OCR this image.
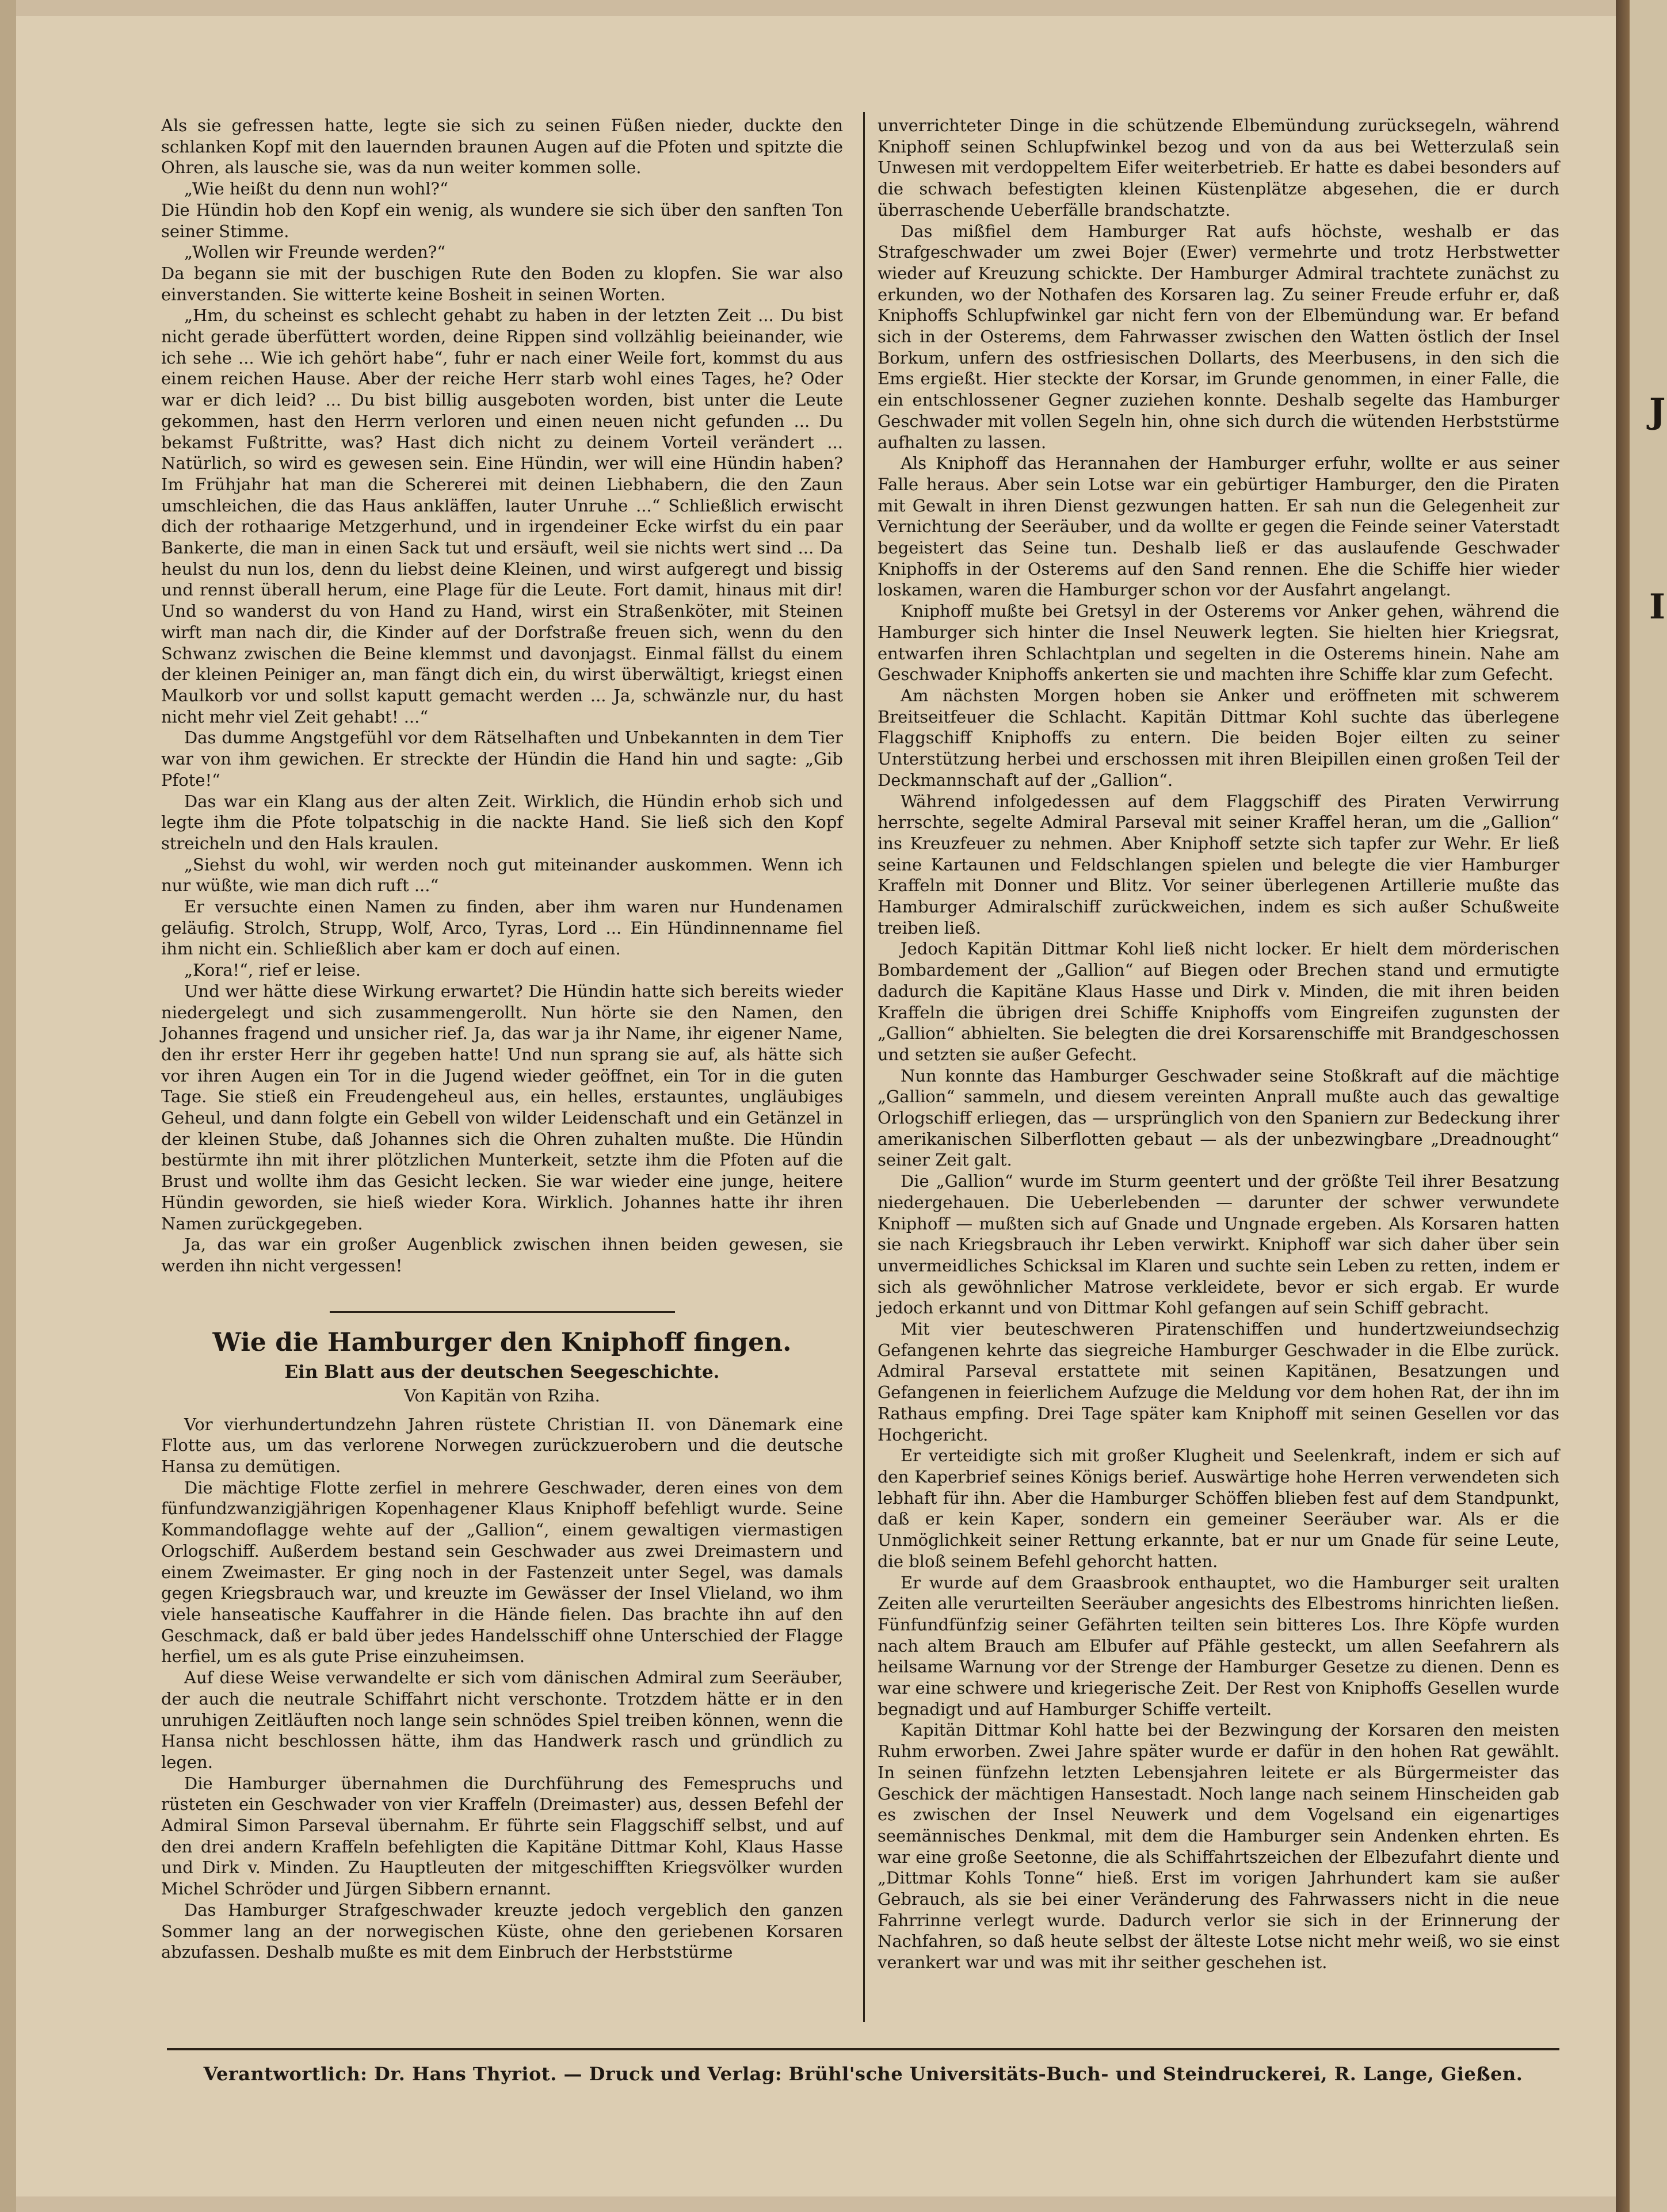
Als sie gefressen hatte, legte sie sich zu seinen Füßen nieder, duckte den schlanken Kopf mit den lauernden braunen Augen auf die Pfoten und spitzte die Ohren, als lausche sie, was da nun weiter kommen solle.

„Wie heißt du denn nun wohl?“

Die Hündin hob den Kopf ein wenig, als wundere sie sich über den sanften Ton seiner Stimme.

„Wollen wir Freunde werden?“

Da begann sie mit der buschigen Rute den Boden zu klopfen. Sie war also einverstanden. Sie witterte keine Bosheit in seinen Worten.

„Hm, du scheinst es schlecht gehabt zu haben in der letzten Zeit ... Du bist nicht gerade überfüttert worden, deine Rippen sind vollzählig beieinander, wie ich sehe ... Wie ich gehört habe“, fuhr er nach einer Weile fort, kommst du aus einem reichen Hause. Aber der reiche Herr starb wohl eines Tages, he? Oder war er dich leid? ... Du bist billig ausgeboten worden, bist unter die Leute gekommen, hast den Herrn verloren und einen neuen nicht gefunden ... Du bekamst Fußtritte, was? Hast dich nicht zu deinem Vorteil verändert ... Natürlich, so wird es gewesen sein. Eine Hündin, wer will eine Hündin haben? Im Frühjahr hat man die Schererei mit deinen Liebhabern, die den Zaun umschleichen, die das Haus ankläffen, lauter Unruhe ...“ Schließlich erwischt dich der rothaarige Metzgerhund, und in irgendeiner Ecke wirfst du ein paar Bankerte, die man in einen Sack tut und ersäuft, weil sie nichts wert sind ... Da heulst du nun los, denn du liebst deine Kleinen, und wirst aufgeregt und bissig und rennst überall herum, eine Plage für die Leute. Fort damit, hinaus mit dir! Und so wanderst du von Hand zu Hand, wirst ein Straßenköter, mit Steinen wirft man nach dir, die Kinder auf der Dorfstraße freuen sich, wenn du den Schwanz zwischen die Beine klemmst und davonjagst. Einmal fällst du einem der kleinen Peiniger an, man fängt dich ein, du wirst überwältigt, kriegst einen Maulkorb vor und sollst kaputt gemacht werden ... Ja, schwänzle nur, du hast nicht mehr viel Zeit gehabt! ...“

Das dumme Angstgefühl vor dem Rätselhaften und Unbekannten in dem Tier war von ihm gewichen. Er streckte der Hündin die Hand hin und sagte: „Gib Pfote!“

Das war ein Klang aus der alten Zeit. Wirklich, die Hündin erhob sich und legte ihm die Pfote tolpatschig in die nackte Hand. Sie ließ sich den Kopf streicheln und den Hals kraulen.

„Siehst du wohl, wir werden noch gut miteinander auskommen. Wenn ich nur wüßte, wie man dich ruft ...“

Er versuchte einen Namen zu finden, aber ihm waren nur Hundenamen geläufig. Strolch, Strupp, Wolf, Arco, Tyras, Lord ... Ein Hündinnenname fiel ihm nicht ein. Schließlich aber kam er doch auf einen.

„Kora!“, rief er leise.

Und wer hätte diese Wirkung erwartet? Die Hündin hatte sich bereits wieder niedergelegt und sich zusammengerollt. Nun hörte sie den Namen, den Johannes fragend und unsicher rief. Ja, das war ja ihr Name, ihr eigener Name, den ihr erster Herr ihr gegeben hatte! Und nun sprang sie auf, als hätte sich vor ihren Augen ein Tor in die Jugend wieder geöffnet, ein Tor in die guten Tage. Sie stieß ein Freudengeheul aus, ein helles, erstauntes, ungläubiges Geheul, und dann folgte ein Gebell von wilder Leidenschaft und ein Getänzel in der kleinen Stube, daß Johannes sich die Ohren zuhalten mußte. Die Hündin bestürmte ihn mit ihrer plötzlichen Munterkeit, setzte ihm die Pfoten auf die Brust und wollte ihm das Gesicht lecken. Sie war wieder eine junge, heitere Hündin geworden, sie hieß wieder Kora. Wirklich. Johannes hatte ihr ihren Namen zurückgegeben.

Ja, das war ein großer Augenblick zwischen ihnen beiden gewesen, sie werden ihn nicht vergessen!

Wie die Hamburger den Kniphoff fingen.
Ein Blatt aus der deutschen Seegeschichte.
Von Kapitän von Rziha.

Vor vierhundertundzehn Jahren rüstete Christian II. von Dänemark eine Flotte aus, um das verlorene Norwegen zurückzuerobern und die deutsche Hansa zu demütigen.

Die mächtige Flotte zerfiel in mehrere Geschwader, deren eines von dem fünfundzwanzigjährigen Kopenhagener Klaus Kniphoff befehligt wurde. Seine Kommandoflagge wehte auf der „Gallion“, einem gewaltigen viermastigen Orlogschiff. Außerdem bestand sein Geschwader aus zwei Dreimastern und einem Zweimaster. Er ging noch in der Fastenzeit unter Segel, was damals gegen Kriegsbrauch war, und kreuzte im Gewässer der Insel Vlieland, wo ihm viele hanseatische Kauffahrer in die Hände fielen. Das brachte ihn auf den Geschmack, daß er bald über jedes Handelsschiff ohne Unterschied der Flagge herfiel, um es als gute Prise einzuheimsen.

Auf diese Weise verwandelte er sich vom dänischen Admiral zum Seeräuber, der auch die neutrale Schiffahrt nicht verschonte. Trotzdem hätte er in den unruhigen Zeitläuften noch lange sein schnödes Spiel treiben können, wenn die Hansa nicht beschlossen hätte, ihm das Handwerk rasch und gründlich zu legen.

Die Hamburger übernahmen die Durchführung des Femespruchs und rüsteten ein Geschwader von vier Kraffeln (Dreimaster) aus, dessen Befehl der Admiral Simon Parseval übernahm. Er führte sein Flaggschiff selbst, und auf den drei andern Kraffeln befehligten die Kapitäne Dittmar Kohl, Klaus Hasse und Dirk v. Minden. Zu Hauptleuten der mitgeschifften Kriegsvölker wurden Michel Schröder und Jürgen Sibbern ernannt.

Das Hamburger Strafgeschwader kreuzte jedoch vergeblich den ganzen Sommer lang an der norwegischen Küste, ohne den geriebenen Korsaren abzufassen. Deshalb mußte es mit dem Einbruch der Herbststürme

unverrichteter Dinge in die schützende Elbemündung zurücksegeln, während Kniphoff seinen Schlupfwinkel bezog und von da aus bei Wetterzulaß sein Unwesen mit verdoppeltem Eifer weiterbetrieb. Er hatte es dabei besonders auf die schwach befestigten kleinen Küstenplätze abgesehen, die er durch überraschende Ueberfälle brandschatzte.

Das mißfiel dem Hamburger Rat aufs höchste, weshalb er das Strafgeschwader um zwei Bojer (Ewer) vermehrte und trotz Herbstwetter wieder auf Kreuzung schickte. Der Hamburger Admiral trachtete zunächst zu erkunden, wo der Nothafen des Korsaren lag. Zu seiner Freude erfuhr er, daß Kniphoffs Schlupfwinkel gar nicht fern von der Elbemündung war. Er befand sich in der Osterems, dem Fahrwasser zwischen den Watten östlich der Insel Borkum, unfern des ostfriesischen Dollarts, des Meerbusens, in den sich die Ems ergießt. Hier steckte der Korsar, im Grunde genommen, in einer Falle, die ein entschlossener Gegner zuziehen konnte. Deshalb segelte das Hamburger Geschwader mit vollen Segeln hin, ohne sich durch die wütenden Herbststürme aufhalten zu lassen.

Als Kniphoff das Herannahen der Hamburger erfuhr, wollte er aus seiner Falle heraus. Aber sein Lotse war ein gebürtiger Hamburger, den die Piraten mit Gewalt in ihren Dienst gezwungen hatten. Er sah nun die Gelegenheit zur Vernichtung der Seeräuber, und da wollte er gegen die Feinde seiner Vaterstadt begeistert das Seine tun. Deshalb ließ er das auslaufende Geschwader Kniphoffs in der Osterems auf den Sand rennen. Ehe die Schiffe hier wieder loskamen, waren die Hamburger schon vor der Ausfahrt angelangt.

Kniphoff mußte bei Gretsyl in der Osterems vor Anker gehen, während die Hamburger sich hinter die Insel Neuwerk legten. Sie hielten hier Kriegsrat, entwarfen ihren Schlachtplan und segelten in die Osterems hinein. Nahe am Geschwader Kniphoffs ankerten sie und machten ihre Schiffe klar zum Gefecht.

Am nächsten Morgen hoben sie Anker und eröffneten mit schwerem Breitseitfeuer die Schlacht. Kapitän Dittmar Kohl suchte das überlegene Flaggschiff Kniphoffs zu entern. Die beiden Bojer eilten zu seiner Unterstützung herbei und erschossen mit ihren Bleipillen einen großen Teil der Deckmannschaft auf der „Gallion“.

Während infolgedessen auf dem Flaggschiff des Piraten Verwirrung herrschte, segelte Admiral Parseval mit seiner Kraffel heran, um die „Gallion“ ins Kreuzfeuer zu nehmen. Aber Kniphoff setzte sich tapfer zur Wehr. Er ließ seine Kartaunen und Feldschlangen spielen und belegte die vier Hamburger Kraffeln mit Donner und Blitz. Vor seiner überlegenen Artillerie mußte das Hamburger Admiralschiff zurückweichen, indem es sich außer Schußweite treiben ließ.

Jedoch Kapitän Dittmar Kohl ließ nicht locker. Er hielt dem mörderischen Bombardement der „Gallion“ auf Biegen oder Brechen stand und ermutigte dadurch die Kapitäne Klaus Hasse und Dirk v. Minden, die mit ihren beiden Kraffeln die übrigen drei Schiffe Kniphoffs vom Eingreifen zugunsten der „Gallion“ abhielten. Sie belegten die drei Korsarenschiffe mit Brandgeschossen und setzten sie außer Gefecht.

Nun konnte das Hamburger Geschwader seine Stoßkraft auf die mächtige „Gallion“ sammeln, und diesem vereinten Anprall mußte auch das gewaltige Orlogschiff erliegen, das — ursprünglich von den Spaniern zur Bedeckung ihrer amerikanischen Silberflotten gebaut — als der unbezwingbare „Dreadnought“ seiner Zeit galt.

Die „Gallion“ wurde im Sturm geentert und der größte Teil ihrer Besatzung niedergehauen. Die Ueberlebenden — darunter der schwer verwundete Kniphoff — mußten sich auf Gnade und Ungnade ergeben. Als Korsaren hatten sie nach Kriegsbrauch ihr Leben verwirkt. Kniphoff war sich daher über sein unvermeidliches Schicksal im Klaren und suchte sein Leben zu retten, indem er sich als gewöhnlicher Matrose verkleidete, bevor er sich ergab. Er wurde jedoch erkannt und von Dittmar Kohl gefangen auf sein Schiff gebracht.

Mit vier beuteschweren Piratenschiffen und hundertzweiundsechzig Gefangenen kehrte das siegreiche Hamburger Geschwader in die Elbe zurück. Admiral Parseval erstattete mit seinen Kapitänen, Besatzungen und Gefangenen in feierlichem Aufzuge die Meldung vor dem hohen Rat, der ihn im Rathaus empfing. Drei Tage später kam Kniphoff mit seinen Gesellen vor das Hochgericht.

Er verteidigte sich mit großer Klugheit und Seelenkraft, indem er sich auf den Kaperbrief seines Königs berief. Auswärtige hohe Herren verwendeten sich lebhaft für ihn. Aber die Hamburger Schöffen blieben fest auf dem Standpunkt, daß er kein Kaper, sondern ein gemeiner Seeräuber war. Als er die Unmöglichkeit seiner Rettung erkannte, bat er nur um Gnade für seine Leute, die bloß seinem Befehl gehorcht hatten.

Er wurde auf dem Graasbrook enthauptet, wo die Hamburger seit uralten Zeiten alle verurteilten Seeräuber angesichts des Elbestroms hinrichten ließen. Fünfundfünfzig seiner Gefährten teilten sein bitteres Los. Ihre Köpfe wurden nach altem Brauch am Elbufer auf Pfähle gesteckt, um allen Seefahrern als heilsame Warnung vor der Strenge der Hamburger Gesetze zu dienen. Denn es war eine schwere und kriegerische Zeit. Der Rest von Kniphoffs Gesellen wurde begnadigt und auf Hamburger Schiffe verteilt.

Kapitän Dittmar Kohl hatte bei der Bezwingung der Korsaren den meisten Ruhm erworben. Zwei Jahre später wurde er dafür in den hohen Rat gewählt. In seinen fünfzehn letzten Lebensjahren leitete er als Bürgermeister das Geschick der mächtigen Hansestadt. Noch lange nach seinem Hinscheiden gab es zwischen der Insel Neuwerk und dem Vogelsand ein eigenartiges seemännisches Denkmal, mit dem die Hamburger sein Andenken ehrten. Es war eine große Seetonne, die als Schiffahrtszeichen der Elbezufahrt diente und „Dittmar Kohls Tonne“ hieß. Erst im vorigen Jahrhundert kam sie außer Gebrauch, als sie bei einer Veränderung des Fahrwassers nicht in die neue Fahrrinne verlegt wurde. Dadurch verlor sie sich in der Erinnerung der Nachfahren, so daß heute selbst der älteste Lotse nicht mehr weiß, wo sie einst verankert war und was mit ihr seither geschehen ist.

Verantwortlich: Dr. Hans Thyriot. — Druck und Verlag: Brühl'sche Universitäts-Buch- und Steindruckerei, R. Lange, Gießen.
J
I
